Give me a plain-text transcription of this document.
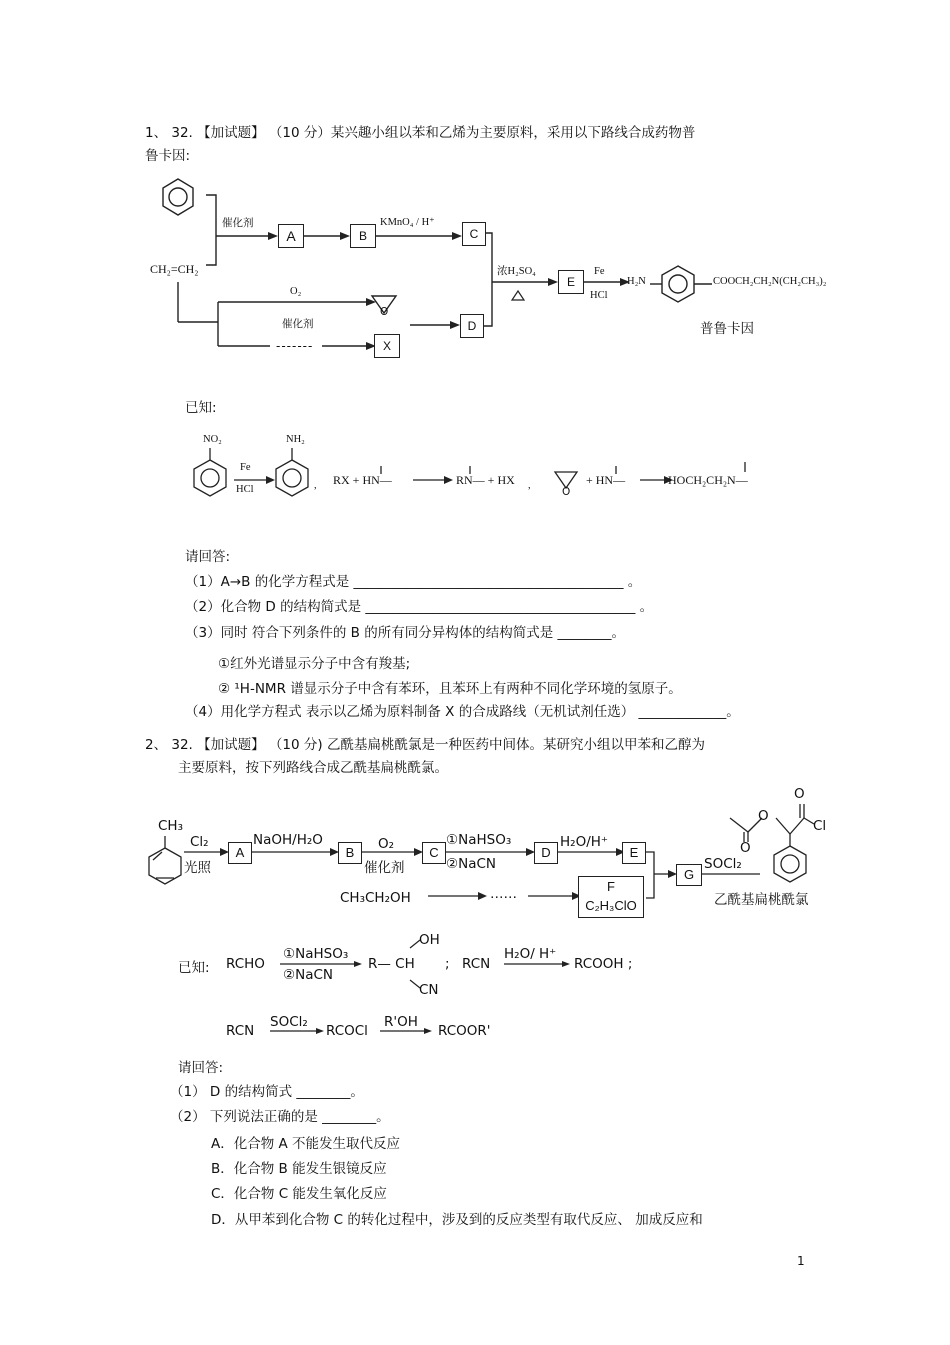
1、 32. 【加试题】 （10 分）某兴趣小组以苯和乙烯为主要原料，采用以下路线合成药物普
鲁卡因:
A	B	C
E
D
X
CH₂=CH₂
催化剂	KMnO₄ / H⁺
O₂
催化剂
O
-------
浓H₂SO₄	Fe
HCl
H₂N	COOCH₂CH₂N(CH₂CH₃)₂
普鲁卡因
已知:
NO₂	NH₂
Fe
HCl	, RX + HN—	RN— + HX ,
O
+ HN—	HOCH₂CH₂N—
请回答:
（1）A→B 的化学方程式是 ________________________________________ 。
（2）化合物 D 的结构简式是 ________________________________________ 。
（3）同时 符合下列条件的 B 的所有同分异构体的结构简式是 ________。
①红外光谱显示分子中含有羧基;
② ¹H-NMR 谱显示分子中含有苯环，且苯环上有两种不同化学环境的氢原子。
（4）用化学方程式 表示以乙烯为原料制备 X 的合成路线（无机试剂任选） _____________。
2、 32. 【加试题】 （10 分) 乙酰基扁桃酰氯是一种医药中间体。某研究小组以甲苯和乙醇为
主要原料，按下列路线合成乙酰基扁桃酰氯。
A	B	C	D	E
G
F
C₂H₃ClO
CH₃
Cl₂
光照
NaOH/H₂O	O₂
催化剂
①NaHSO₃
②NaCN
H₂O/H⁺
SOCl₂
CH₃CH₂OH	……	乙酰基扁桃酰氯
O
O
O
Cl
已知: RCHO
①NaHSO₃
②NaCN
R— CH
OH
CN
; RCN
H₂O/ H⁺
RCOOH ;
RCN
SOCl₂
RCOCl
R'OH
RCOOR'
请回答:
（1） D 的结构简式 ________。
（2） 下列说法正确的是 ________。
A．化合物 A 不能发生取代反应
B．化合物 B 能发生银镜反应
C．化合物 C 能发生氧化反应
D．从甲苯到化合物 C 的转化过程中，涉及到的反应类型有取代反应、 加成反应和
1
